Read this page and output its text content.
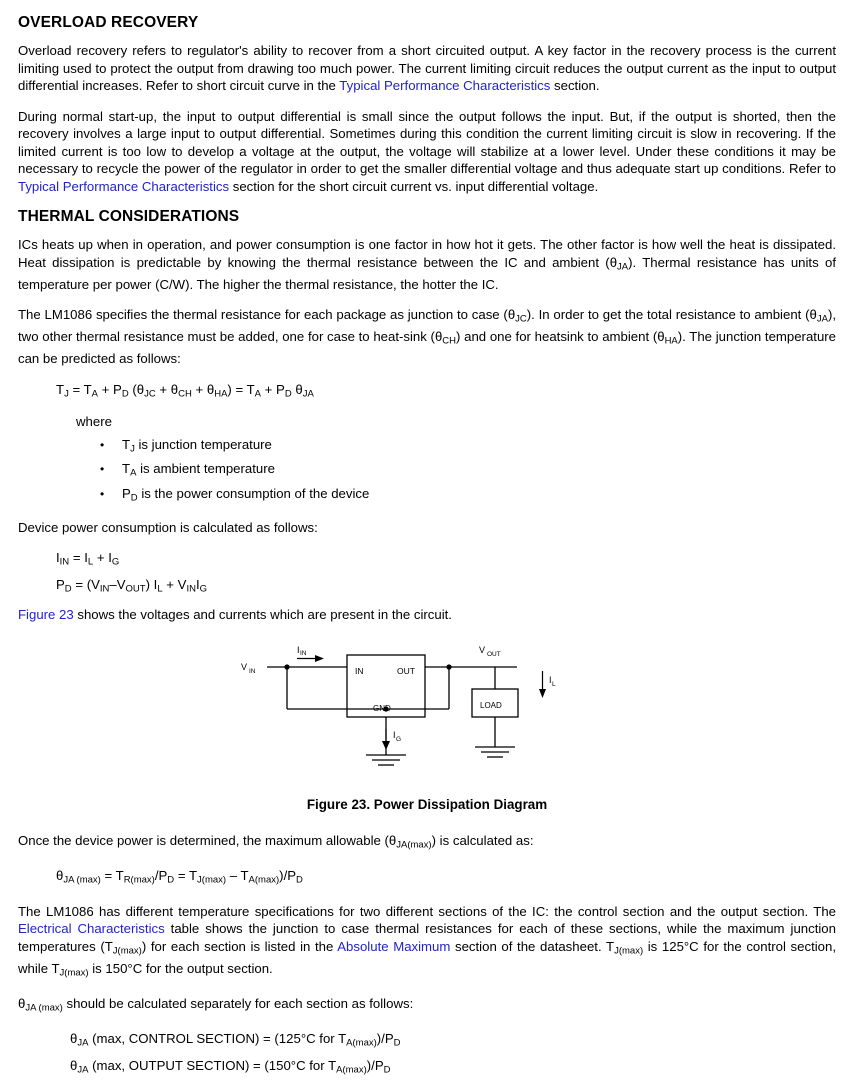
OVERLOAD RECOVERY

Overload recovery refers to regulator's ability to recover from a short circuited output. A key factor in the recovery process is the current limiting used to protect the output from drawing too much power. The current limiting circuit reduces the output current as the input to output differential increases. Refer to short circuit curve in the Typical Performance Characteristics section.

During normal start-up, the input to output differential is small since the output follows the input. But, if the output is shorted, then the recovery involves a large input to output differential. Sometimes during this condition the current limiting circuit is slow in recovering. If the limited current is too low to develop a voltage at the output, the voltage will stabilize at a lower level. Under these conditions it may be necessary to recycle the power of the regulator in order to get the smaller differential voltage and thus adequate start up conditions. Refer to Typical Performance Characteristics section for the short circuit current vs. input differential voltage.

THERMAL CONSIDERATIONS

ICs heats up when in operation, and power consumption is one factor in how hot it gets. The other factor is how well the heat is dissipated. Heat dissipation is predictable by knowing the thermal resistance between the IC and ambient $(\theta_{JA})$. Thermal resistance has units of temperature per power (C/W). The higher the thermal resistance, the hotter the IC.

The LM1086 specifies the thermal resistance for each package as junction to case $(\theta_{JC})$. In order to get the total resistance to ambient $(\theta_{JA})$, two other thermal resistance must be added, one for case to heat-sink $(\theta_{CH})$ and one for heatsink to ambient $(\theta_{HA})$. The junction temperature can be predicted as follows:

$T_J = T_A + P_D$ $(\theta_{JC} + \theta_{CH} + \theta_{HA}) = T_A + P_D$ $\theta_{JA}$
where
• $T_J$ is junction temperature
• $T_A$ is ambient temperature
• $P_D$ is the power consumption of the device

Device power consumption is calculated as follows:

$I_{IN} = I_L + I_G$
$P_D = (V_{IN}-V_{OUT}) I_L + V_{IN}I_G$

Figure 23 shows the voltages and currents which are present in the circuit.

V IN
I IN
IN	OUT
GND
V OUT
I L
I G
LOAD
Figure 23. Power Dissipation Diagram

Once the device power is determined, the maximum allowable $(\theta_{JA(max)})$ is calculated as:

$\theta_{JA (max)} = T_{R(max)}/P_D = T_{J(max)} - T_{A(max)})/P_D$

The LM1086 has different temperature specifications for two different sections of the IC: the control section and the output section. The Electrical Characteristics table shows the junction to case thermal resistances for each of these sections, while the maximum junction temperatures $(T_{J(max)})$ for each section is listed in the Absolute Maximum section of the datasheet. $T_{J(max)}$ is 125°C for the control section, while $T_{J(max)}$ is 150°C for the output section.

$\theta_{JA (max)}$ should be calculated separately for each section as follows:

$\theta_{JA}$ (max, CONTROL SECTION) = (125°C for $T_{A(max)})/P_D$
$\theta_{JA}$ (max, OUTPUT SECTION) = (150°C for $T_{A(max)})/P_D$
